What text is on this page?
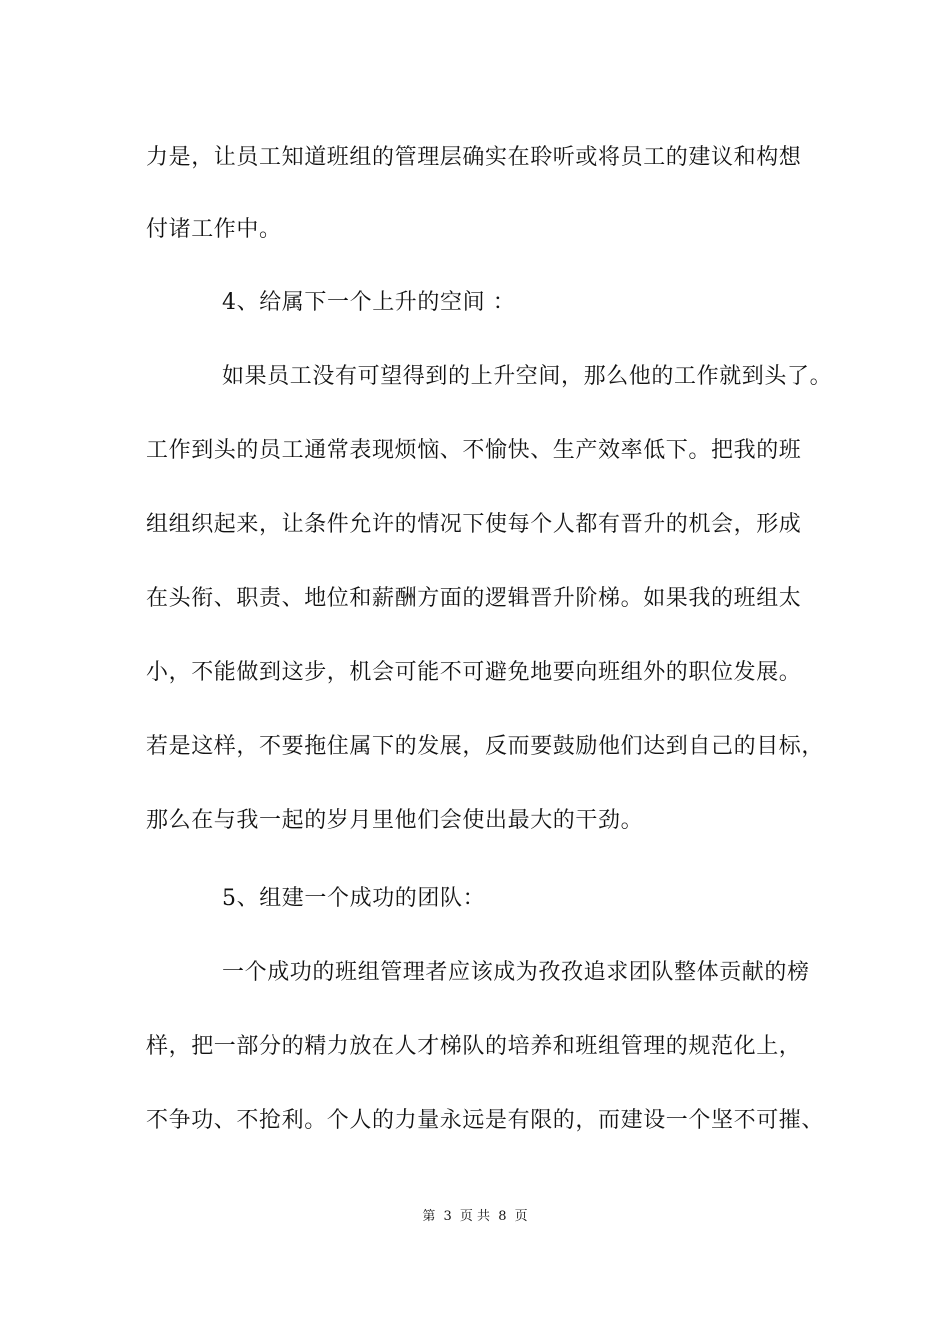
力是，让员工知道班组的管理层确实在聆听或将员工的建议和构想
付诸工作中。
4、给属下一个上升的空间 ：
如果员工没有可望得到的上升空间，那么他的工作就到头了。
工作到头的员工通常表现烦恼、不愉快、生产效率低下。把我的班
组组织起来，让条件允许的情况下使每个人都有晋升的机会，形成
在头衔、职责、地位和薪酬方面的逻辑晋升阶梯。如果我的班组太
小，不能做到这步，机会可能不可避免地要向班组外的职位发展。
若是这样，不要拖住属下的发展，反而要鼓励他们达到自己的目标，
那么在与我一起的岁月里他们会使出最大的干劲。
5、组建一个成功的团队：
一个成功的班组管理者应该成为孜孜追求团队整体贡献的榜
样，把一部分的精力放在人才梯队的培养和班组管理的规范化上，
不争功、不抢利。个人的力量永远是有限的，而建设一个坚不可摧、
第 3 页 共 8 页
